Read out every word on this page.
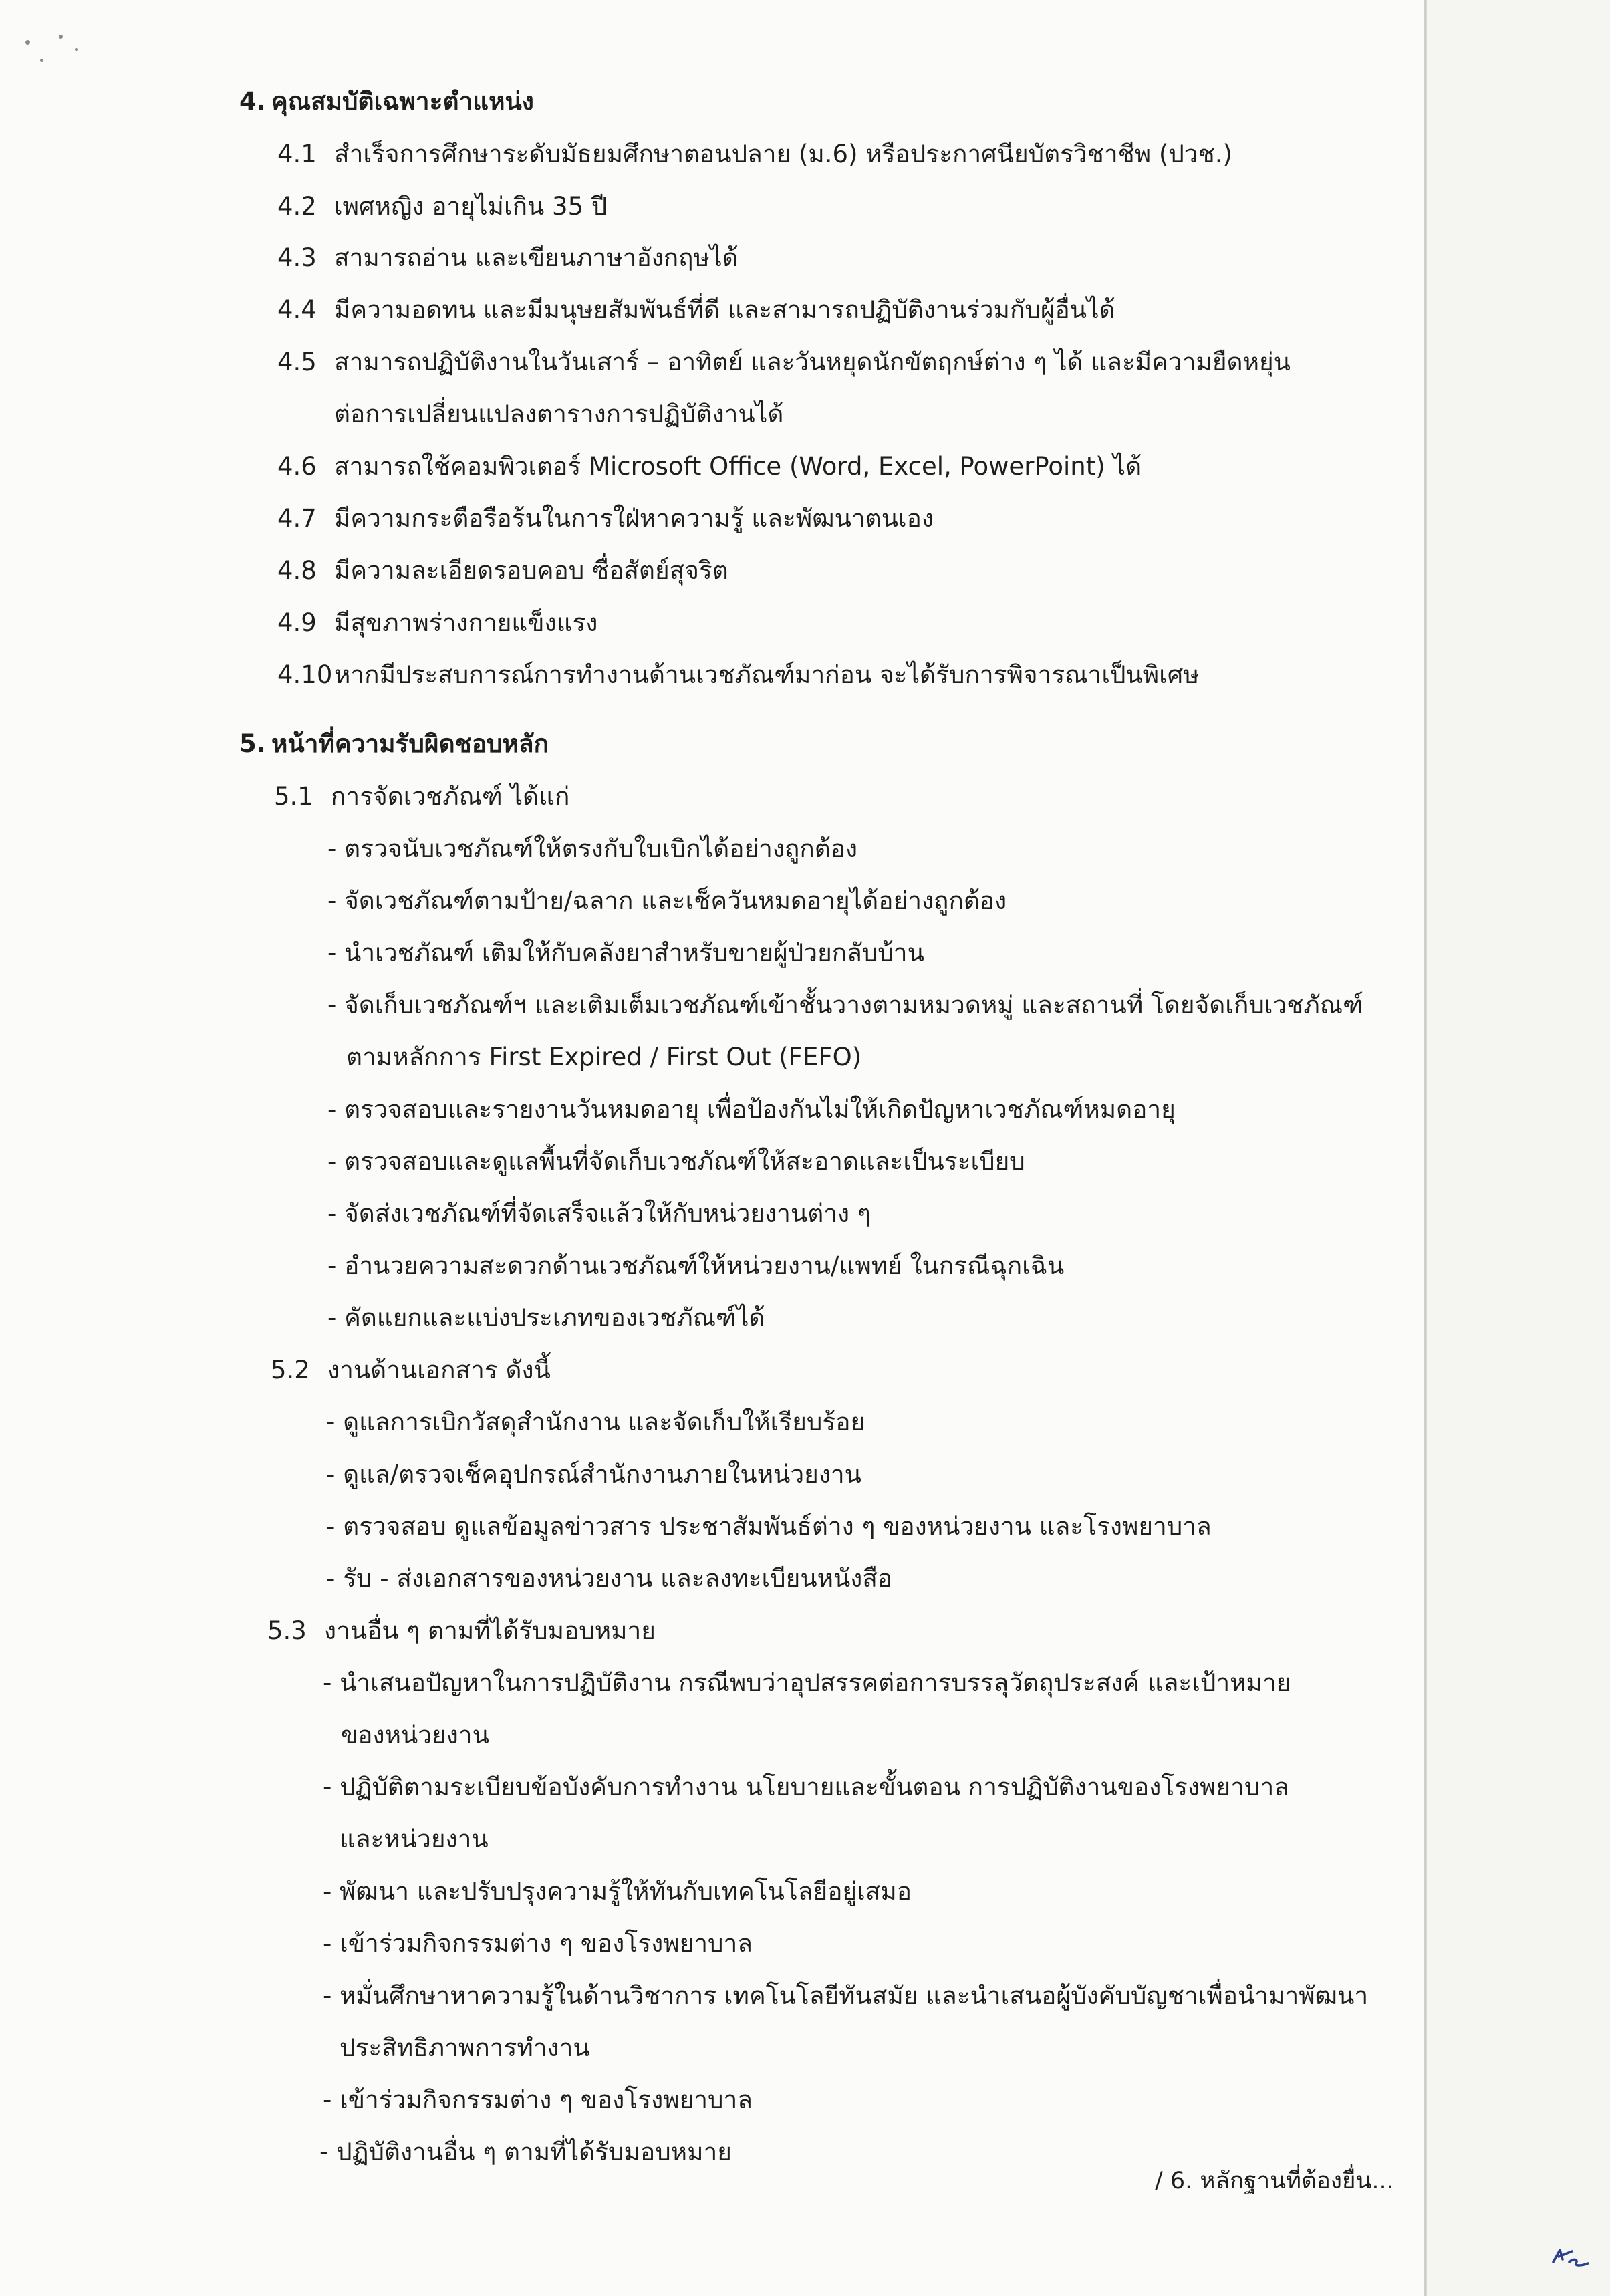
4. คุณสมบัติเฉพาะตำแหน่ง
4.1 สำเร็จการศึกษาระดับมัธยมศึกษาตอนปลาย (ม.6) หรือประกาศนียบัตรวิชาชีพ (ปวช.)
4.2 เพศหญิง อายุไม่เกิน 35 ปี
4.3 สามารถอ่าน และเขียนภาษาอังกฤษได้
4.4 มีความอดทน และมีมนุษยสัมพันธ์ที่ดี และสามารถปฏิบัติงานร่วมกับผู้อื่นได้
4.5 สามารถปฏิบัติงานในวันเสาร์ – อาทิตย์ และวันหยุดนักขัตฤกษ์ต่าง ๆ ได้ และมีความยืดหยุ่น
ต่อการเปลี่ยนแปลงตารางการปฏิบัติงานได้
4.6 สามารถใช้คอมพิวเตอร์ Microsoft Office (Word, Excel, PowerPoint) ได้
4.7 มีความกระตือรือร้นในการใฝ่หาความรู้ และพัฒนาตนเอง
4.8 มีความละเอียดรอบคอบ ซื่อสัตย์สุจริต
4.9 มีสุขภาพร่างกายแข็งแรง
4.10หากมีประสบการณ์การทำงานด้านเวชภัณฑ์มาก่อน จะได้รับการพิจารณาเป็นพิเศษ
5. หน้าที่ความรับผิดชอบหลัก
5.1 การจัดเวชภัณฑ์ ได้แก่
- ตรวจนับเวชภัณฑ์ให้ตรงกับใบเบิกได้อย่างถูกต้อง
- จัดเวชภัณฑ์ตามป้าย/ฉลาก และเช็ควันหมดอายุได้อย่างถูกต้อง
- นำเวชภัณฑ์ เติมให้กับคลังยาสำหรับขายผู้ป่วยกลับบ้าน
- จัดเก็บเวชภัณฑ์ฯ และเติมเต็มเวชภัณฑ์เข้าชั้นวางตามหมวดหมู่ และสถานที่ โดยจัดเก็บเวชภัณฑ์
ตามหลักการ First Expired / First Out (FEFO)
- ตรวจสอบและรายงานวันหมดอายุ เพื่อป้องกันไม่ให้เกิดปัญหาเวชภัณฑ์หมดอายุ
- ตรวจสอบและดูแลพื้นที่จัดเก็บเวชภัณฑ์ให้สะอาดและเป็นระเบียบ
- จัดส่งเวชภัณฑ์ที่จัดเสร็จแล้วให้กับหน่วยงานต่าง ๆ
- อำนวยความสะดวกด้านเวชภัณฑ์ให้หน่วยงาน/แพทย์ ในกรณีฉุกเฉิน
- คัดแยกและแบ่งประเภทของเวชภัณฑ์ได้
5.2 งานด้านเอกสาร ดังนี้
- ดูแลการเบิกวัสดุสำนักงาน และจัดเก็บให้เรียบร้อย
- ดูแล/ตรวจเช็คอุปกรณ์สำนักงานภายในหน่วยงาน
- ตรวจสอบ ดูแลข้อมูลข่าวสาร ประชาสัมพันธ์ต่าง ๆ ของหน่วยงาน และโรงพยาบาล
- รับ - ส่งเอกสารของหน่วยงาน และลงทะเบียนหนังสือ
5.3 งานอื่น ๆ ตามที่ได้รับมอบหมาย
- นำเสนอปัญหาในการปฏิบัติงาน กรณีพบว่าอุปสรรคต่อการบรรลุวัตถุประสงค์ และเป้าหมาย
ของหน่วยงาน
- ปฏิบัติตามระเบียบข้อบังคับการทำงาน นโยบายและขั้นตอน การปฏิบัติงานของโรงพยาบาล
และหน่วยงาน
- พัฒนา และปรับปรุงความรู้ให้ทันกับเทคโนโลยีอยู่เสมอ
- เข้าร่วมกิจกรรมต่าง ๆ ของโรงพยาบาล
- หมั่นศึกษาหาความรู้ในด้านวิชาการ เทคโนโลยีทันสมัย และนำเสนอผู้บังคับบัญชาเพื่อนำมาพัฒนา
ประสิทธิภาพการทำงาน
- เข้าร่วมกิจกรรมต่าง ๆ ของโรงพยาบาล
- ปฏิบัติงานอื่น ๆ ตามที่ได้รับมอบหมาย
/ 6. หลักฐานที่ต้องยื่น...
